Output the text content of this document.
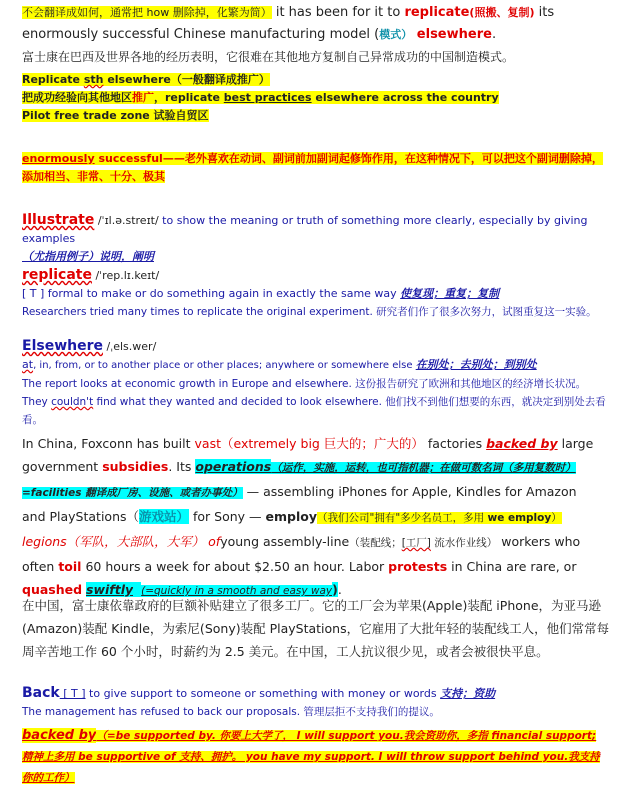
不会翻译成如何，通常把 how 删除掉，化繁为简） it has been for it to replicate(照搬、复制) its
enormously successful Chinese manufacturing model (模式） elsewhere.
富士康在巴西及世界各地的经历表明，它很难在其他地方复制自己异常成功的中国制造模式。
Replicate sth elsewhere（一般翻译成推广）
把成功经验向其他地区推广，replicate best practices elsewhere across the country
Pilot free trade zone 试验自贸区
enormously successful——老外喜欢在动词、副词前加副词起修饰作用，在这种情况下，可以把这个副词删除掉，
添加相当、非常、十分、极其
Illustrate /ˈɪl.ə.streɪt/ to show the meaning or truth of something more clearly, especially by giving examples
（尤指用例子）说明，阐明
replicate /ˈrep.lɪ.keɪt/
[ T ] formal to make or do something again in exactly the same way 使复现；重复；复制
Researchers tried many times to replicate the original experiment. 研究者们作了很多次努力，试图重复这一实验。
Elsewhere /ˌels.wer/
at, in, from, or to another place or other places; anywhere or somewhere else 在别处；去别处；到别处
The report looks at economic growth in Europe and elsewhere. 这份报告研究了欧洲和其他地区的经济增长状况。
They couldn't find what they wanted and decided to look elsewhere. 他们找不到他们想要的东西，就决定到别处去看
看。
In China, Foxconn has built vast（extremely big 巨大的；广大的） factories backed by large
government subsidies. Its operations（运作，实施，运转，也可指机器；在做可数名词（多用复数时）
=facilities 翻译成厂房、设施、或者办事处） — assembling iPhones for Apple, Kindles for Amazon
and PlayStations（游戏站） for Sony — employ（我们公司"拥有"多少名员工，多用 we employ）
legions（军队，大部队，大军） ofyoung assembly-line（装配线；[工厂] 流水作业线） workers who
often toil 60 hours a week for about $2.50 an hour. Labor protests in China are rare, or
quashed swiftly (=quickly in a smooth and easy way).
在中国，富士康依靠政府的巨额补贴建立了很多工厂。它的工厂会为苹果(Apple)装配 iPhone，为亚马逊(Amazon)装配 Kindle，为索尼(Sony)装配 PlayStations，它雇用了大批年轻的装配线工人，他们常常每周辛苦地工作 60 个小时，时薪约为 2.5 美元。在中国，工人抗议很少见，或者会被很快平息。
Back [ T ] to give support to someone or something with money or words 支持；资助
The management has refused to back our proposals. 管理层拒不支持我们的提议。
backed by（=be supported by. 你要上大学了， I will support you.我会资助你，多指 financial support;
精神上多用 be supportive of 支持、拥护。 you have my support. I will throw support behind you.我支持
你的工作）
